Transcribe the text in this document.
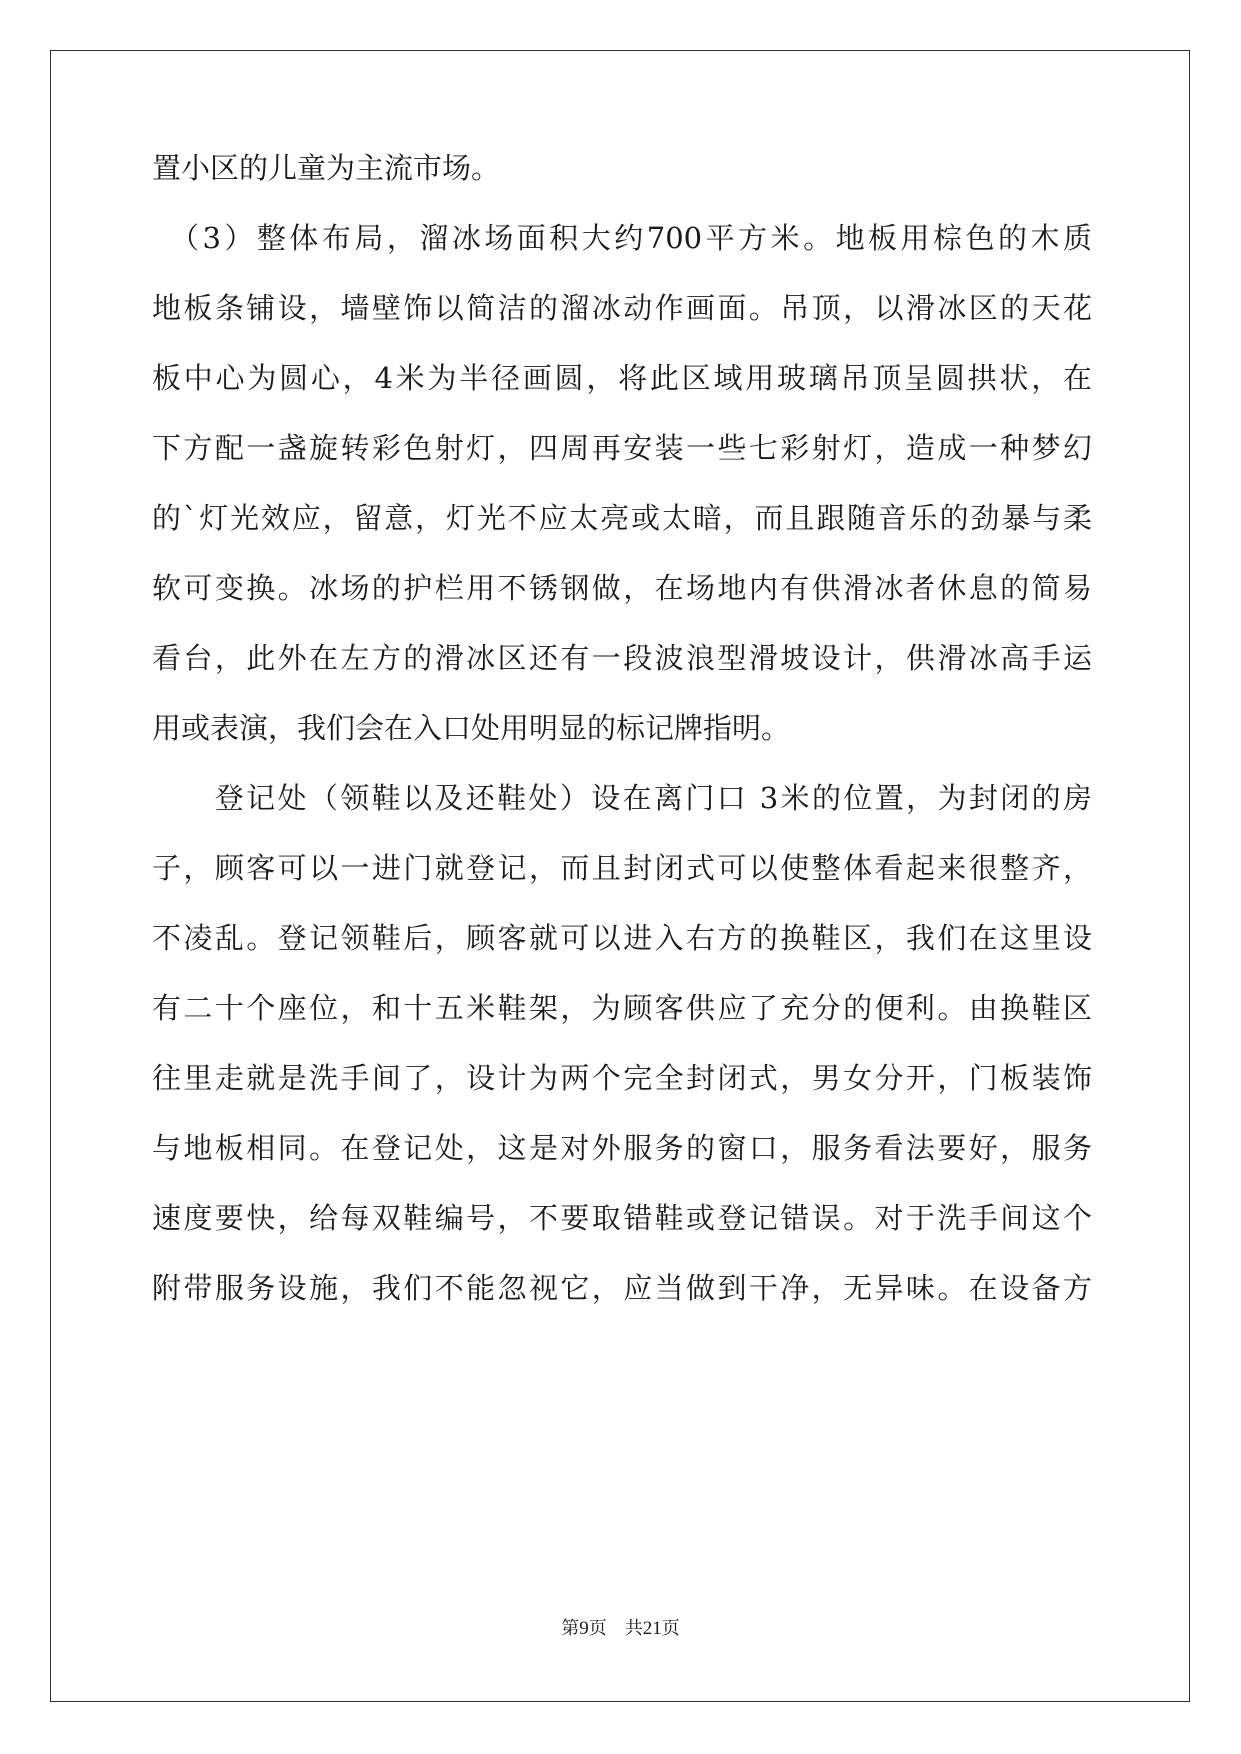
置小区的儿童为主流市场。
　（3）整体布局，溜冰场面积大约700平方米。地板用棕色的木质
地板条铺设，墙壁饰以简洁的溜冰动作画面。吊顶，以滑冰区的天花
板中心为圆心，4米为半径画圆，将此区域用玻璃吊顶呈圆拱状，在
下方配一盏旋转彩色射灯，四周再安装一些七彩射灯，造成一种梦幻
的`灯光效应，留意，灯光不应太亮或太暗，而且跟随音乐的劲暴与柔
软可变换。冰场的护栏用不锈钢做，在场地内有供滑冰者休息的简易
看台，此外在左方的滑冰区还有一段波浪型滑坡设计，供滑冰高手运
用或表演，我们会在入口处用明显的标记牌指明。
　　登记处（领鞋以及还鞋处）设在离门口 3米的位置，为封闭的房
子，顾客可以一进门就登记，而且封闭式可以使整体看起来很整齐，
不凌乱。登记领鞋后，顾客就可以进入右方的换鞋区，我们在这里设
有二十个座位，和十五米鞋架，为顾客供应了充分的便利。由换鞋区
往里走就是洗手间了，设计为两个完全封闭式，男女分开，门板装饰
与地板相同。在登记处，这是对外服务的窗口，服务看法要好，服务
速度要快，给每双鞋编号，不要取错鞋或登记错误。对于洗手间这个
附带服务设施，我们不能忽视它，应当做到干净，无异味。在设备方
第9页　 共21页
